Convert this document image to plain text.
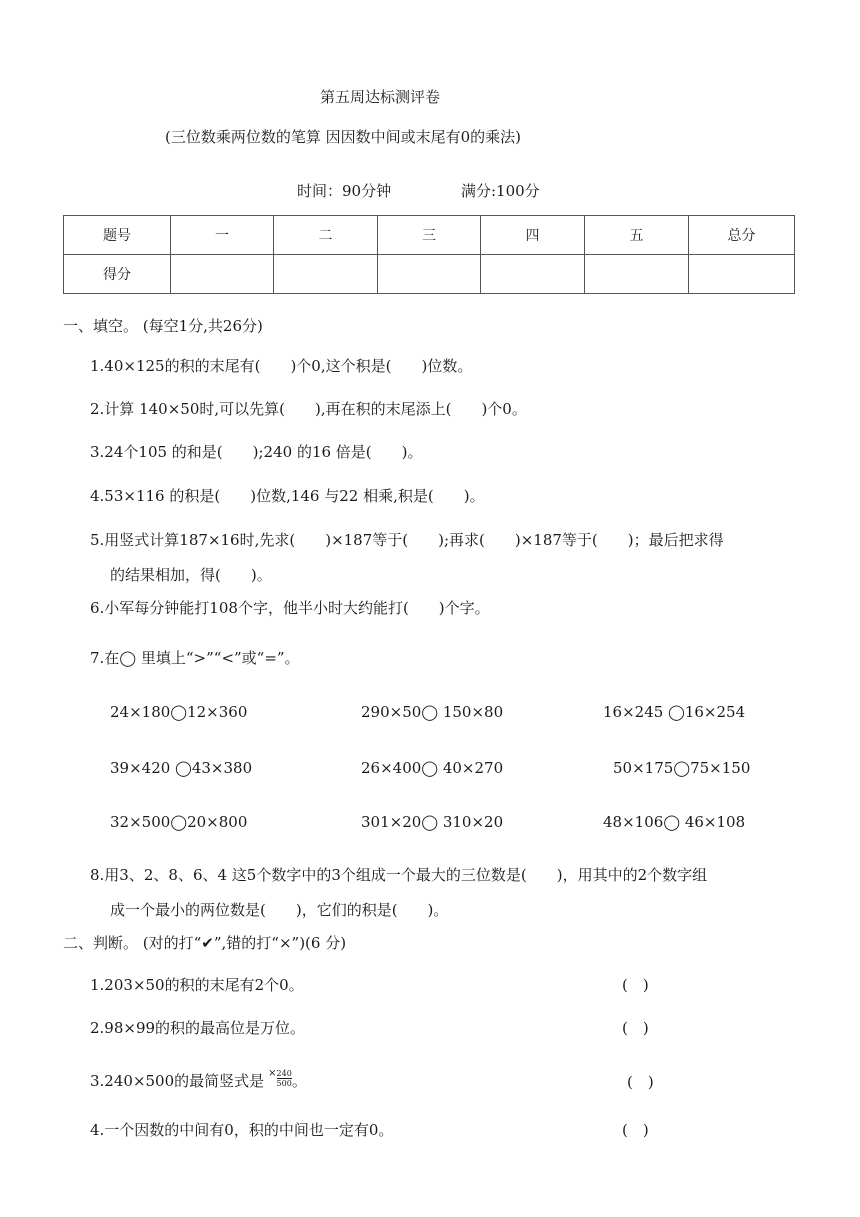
第五周达标测评卷
(三位数乘两位数的笔算 因因数中间或末尾有0的乘法)
时间：90分钟	满分:100分
题号	一	二	三	四	五	总分
得分						
一、填空。 (每空1分,共26分)
1.40×125的积的末尾有(　　)个0,这个积是(　　)位数。
2.计算 140×50时,可以先算(　　),再在积的末尾添上(　　)个0。
3.24个105 的和是(　　);240 的16 倍是(　　)。
4.53×116 的积是(　　)位数,146 与22 相乘,积是(　　)。
5.用竖式计算187×16时,先求(　　)×187等于(　　);再求(　　)×187等于(　　)；最后把求得
的结果相加，得(　　)。
6.小军每分钟能打108个字，他半小时大约能打(　　)个字。
7.在◯ 里填上“>”“<”或“=”。
24×180◯12×360	290×50◯ 150×80	16×245 ◯16×254
39×420 ◯43×380	26×400◯ 40×270	50×175◯75×150
32×500◯20×800	301×20◯ 310×20	48×106◯ 46×108
8.用3、2、8、6、4 这5个数字中的3个组成一个最大的三位数是(　　)，用其中的2个数字组
成一个最小的两位数是(　　)，它们的积是(　　)。
二、判断。 (对的打“✔”,错的打“×”)(6 分)
1.203×50的积的末尾有2个0。	(　)
2.98×99的积的最高位是万位。	(　)
3.240×500的最简竖式是 × $\frac{240}{500}$ 。	(　)
4.一个因数的中间有0，积的中间也一定有0。	(　)
